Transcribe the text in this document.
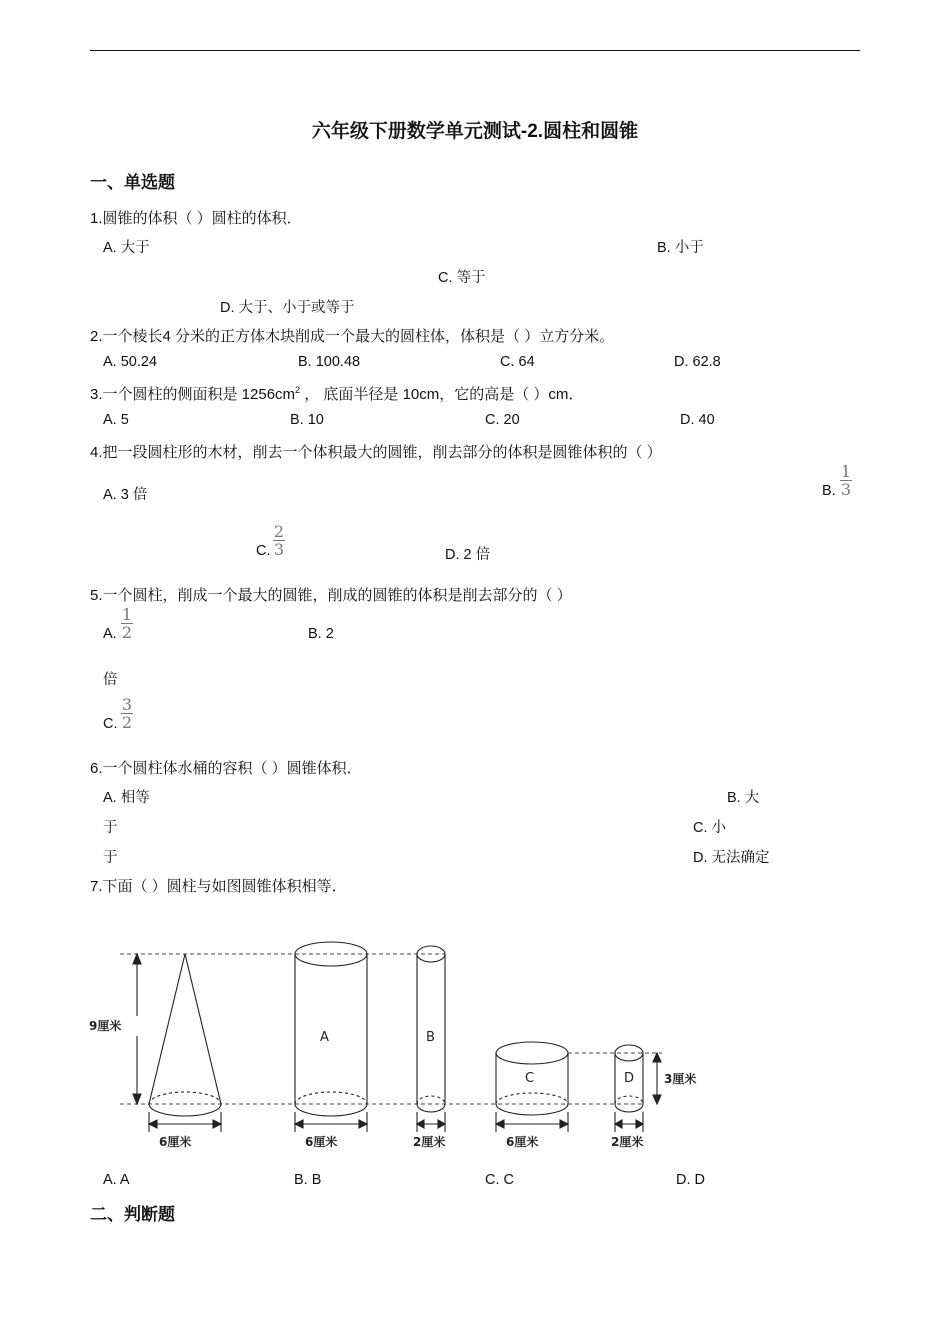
六年级下册数学单元测试-2.圆柱和圆锥
一、单选题
1.圆锥的体积（ ）圆柱的体积．
A. 大于	B. 小于
C. 等于
D. 大于、小于或等于
2.一个棱长4 分米的正方体木块削成一个最大的圆柱体，体积是（ ）立方分米。
A. 50.24	B. 100.48	C. 64	D. 62.8
3.一个圆柱的侧面积是 $1256cm^2$ ， 底面半径是 10cm，它的高是（ ）cm．
A. 5	B. 10	C. 20	D. 40
4.把一段圆柱形的木材，削去一个体积最大的圆锥，削去部分的体积是圆锥体积的（ ）
A. 3 倍	B.
1
3
C.
2
3	D. 2 倍
5.一个圆柱，削成一个最大的圆锥，削成的圆锥的体积是削去部分的（ ）
A.
1
2	B. 2
倍
C.
3
2
6.一个圆柱体水桶的容积（ ）圆锥体积．
A. 相等	B. 大
于	C. 小
于	D. 无法确定
7.下面（ ）圆柱与如图圆锥体积相等．
9厘米
3厘米
6厘米	6厘米	2厘米	6厘米	2厘米
A	B
C	D
A. A	B. B	C. C	D. D
二、判断题
